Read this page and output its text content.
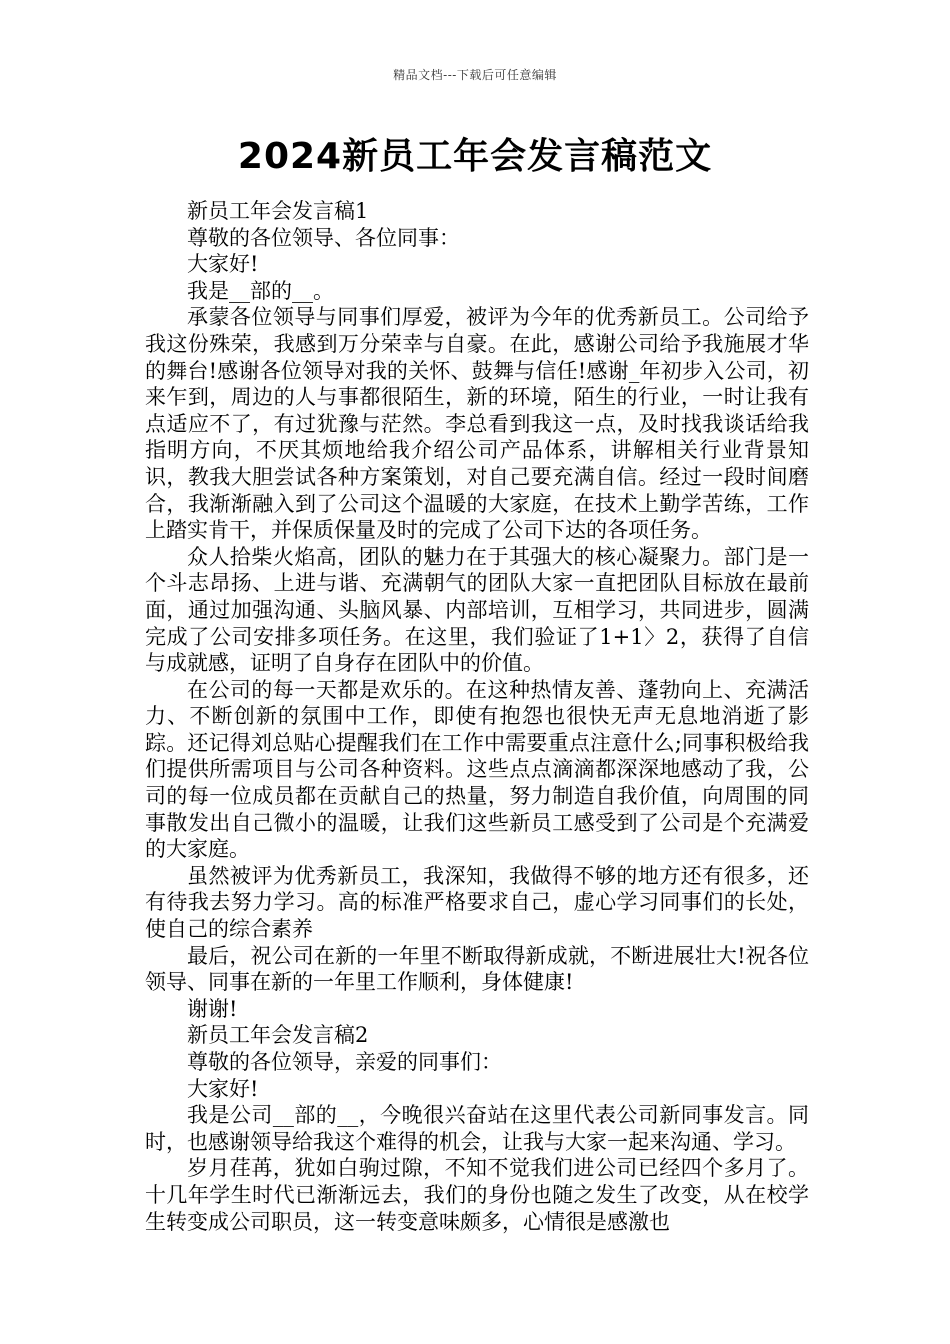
精品文档---下载后可任意编辑
2024新员工年会发言稿范文

新员工年会发言稿1

尊敬的各位领导、各位同事：

大家好!

我是__部的__。

承蒙各位领导与同事们厚爱，被评为今年的优秀新员工。公司给予我这份殊荣，我感到万分荣幸与自豪。在此，感谢公司给予我施展才华的舞台!感谢各位领导对我的关怀、鼓舞与信任!感谢_年初步入公司，初来乍到，周边的人与事都很陌生，新的环境，陌生的行业，一时让我有点适应不了，有过犹豫与茫然。李总看到我这一点，及时找我谈话给我指明方向，不厌其烦地给我介绍公司产品体系，讲解相关行业背景知识，教我大胆尝试各种方案策划，对自己要充满自信。经过一段时间磨合，我渐渐融入到了公司这个温暖的大家庭，在技术上勤学苦练，工作上踏实肯干，并保质保量及时的完成了公司下达的各项任务。

众人拾柴火焰高，团队的魅力在于其强大的核心凝聚力。部门是一个斗志昂扬、上进与谐、充满朝气的团队大家一直把团队目标放在最前面，通过加强沟通、头脑风暴、内部培训，互相学习，共同进步，圆满完成了公司安排多项任务。在这里，我们验证了1+1〉2，获得了自信与成就感，证明了自身存在团队中的价值。

在公司的每一天都是欢乐的。在这种热情友善、蓬勃向上、充满活力、不断创新的氛围中工作，即使有抱怨也很快无声无息地消逝了影踪。还记得刘总贴心提醒我们在工作中需要重点注意什么;同事积极给我们提供所需项目与公司各种资料。这些点点滴滴都深深地感动了我，公司的每一位成员都在贡献自己的热量，努力制造自我价值，向周围的同事散发出自己微小的温暖，让我们这些新员工感受到了公司是个充满爱的大家庭。

虽然被评为优秀新员工，我深知，我做得不够的地方还有很多，还有待我去努力学习。高的标准严格要求自己，虚心学习同事们的长处，使自己的综合素养

最后，祝公司在新的一年里不断取得新成就，不断进展壮大!祝各位领导、同事在新的一年里工作顺利，身体健康!

谢谢!

新员工年会发言稿2

尊敬的各位领导，亲爱的同事们：

大家好!

我是公司__部的__，今晚很兴奋站在这里代表公司新同事发言。同时，也感谢领导给我这个难得的机会，让我与大家一起来沟通、学习。

岁月荏苒，犹如白驹过隙，不知不觉我们进公司已经四个多月了。十几年学生时代已渐渐远去，我们的身份也随之发生了改变，从在校学生转变成公司职员，这一转变意味颇多，心情很是感激也
